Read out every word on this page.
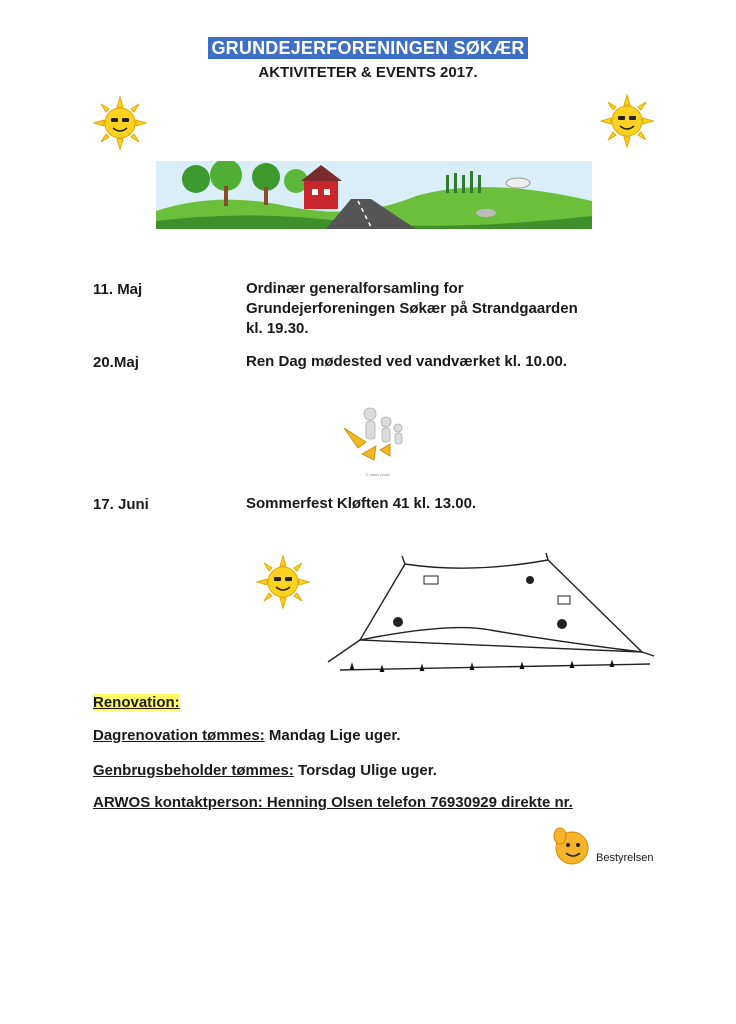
GRUNDEJERFORENINGEN SØKÆR
AKTIVITETER & EVENTS 2017.
11. Maj	Ordinær generalforsamling for
Grundejerforeningen Søkær på Strandgaarden
kl. 19.30.
20.Maj	Ren Dag mødested ved vandværket kl. 10.00.
© stock photo
17. Juni	Sommerfest Kløften 41 kl. 13.00.
Renovation:
Dagrenovation tømmes: Mandag Lige uger.
Genbrugsbeholder tømmes: Torsdag Ulige uger.
ARWOS kontaktperson: Henning Olsen telefon 76930929 direkte nr.
Bestyrelsen
